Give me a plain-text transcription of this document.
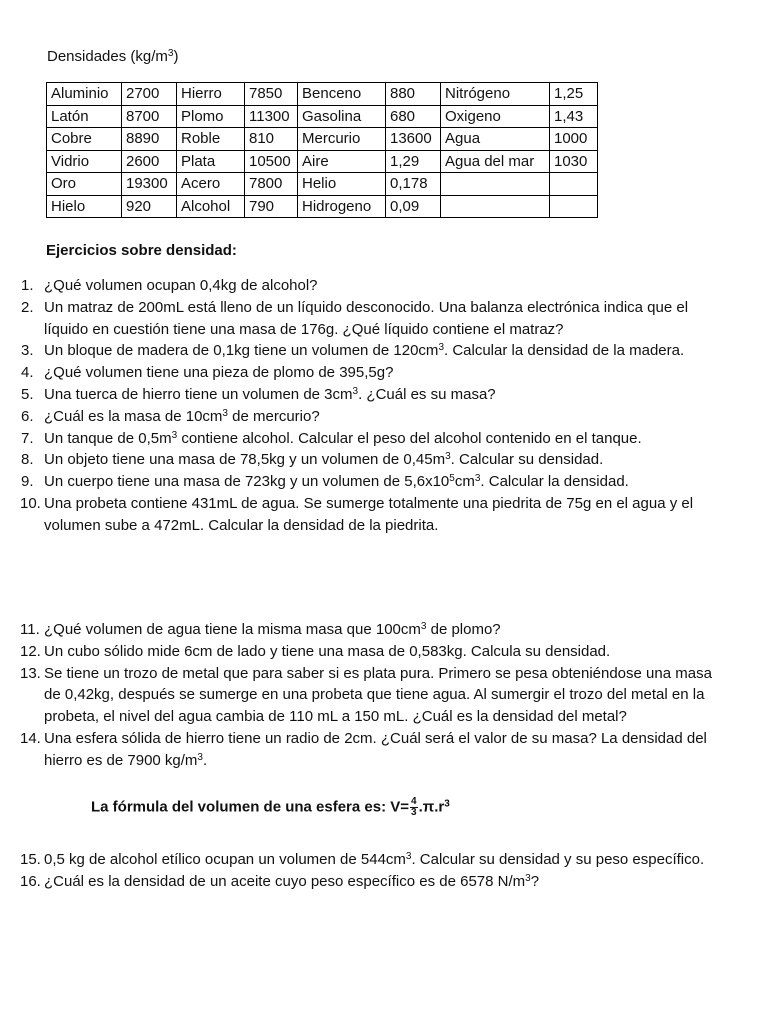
Densidades $(kg/m^3)$
Aluminio	2700	Hierro	7850	Benceno	880	Nitrógeno	1,25
Latón	8700	Plomo	11300	Gasolina	680	Oxigeno	1,43
Cobre	8890	Roble	810	Mercurio	13600	Agua	1000
Vidrio	2600	Plata	10500	Aire	1,29	Agua del mar	1030
Oro	19300	Acero	7800	Helio	0,178		
Hielo	920	Alcohol	790	Hidrogeno	0,09		
Ejercicios sobre densidad:
1. ¿Qué volumen ocupan 0,4kg de alcohol?
2. Un matraz de 200mL está lleno de un líquido desconocido. Una balanza electrónica indica que el líquido en cuestión tiene una masa de 176g. ¿Qué líquido contiene el matraz?
3. Un bloque de madera de 0,1kg tiene un volumen de $120cm^3$. Calcular la densidad de la madera.
4. ¿Qué volumen tiene una pieza de plomo de 395,5g?
5. Una tuerca de hierro tiene un volumen de $3cm^3$. ¿Cuál es su masa?
6. ¿Cuál es la masa de $10cm^3$ de mercurio?
7. Un tanque de $0,5m^3$ contiene alcohol. Calcular el peso del alcohol contenido en el tanque.
8. Un objeto tiene una masa de 78,5kg y un volumen de $0,45m^3$. Calcular su densidad.
9. Un cuerpo tiene una masa de 723kg y un volumen de $5,6x10^5cm^3$. Calcular la densidad.
10. Una probeta contiene 431mL de agua. Se sumerge totalmente una piedrita de 75g en el agua y el volumen sube a 472mL. Calcular la densidad de la piedrita.
11. ¿Qué volumen de agua tiene la misma masa que $100cm^3$ de plomo?
12. Un cubo sólido mide 6cm de lado y tiene una masa de 0,583kg. Calcula su densidad.
13. Se tiene un trozo de metal que para saber si es plata pura. Primero se pesa obteniéndose una masa de 0,42kg, después se sumerge en una probeta que tiene agua. Al sumergir el trozo del metal en la probeta, el nivel del agua cambia de 110 mL a 150 mL. ¿Cuál es la densidad del metal?
14. Una esfera sólida de hierro tiene un radio de 2cm. ¿Cuál será el valor de su masa? La densidad del hierro es de 7900 $kg/m^3$.
La fórmula del volumen de una esfera es: $V= \frac{4}{3} .\pi.r^3$
15. 0,5 kg de alcohol etílico ocupan un volumen de $544cm^3$. Calcular su densidad y su peso específico.
16. ¿Cuál es la densidad de un aceite cuyo peso específico es de 6578 $N/m^3$?
